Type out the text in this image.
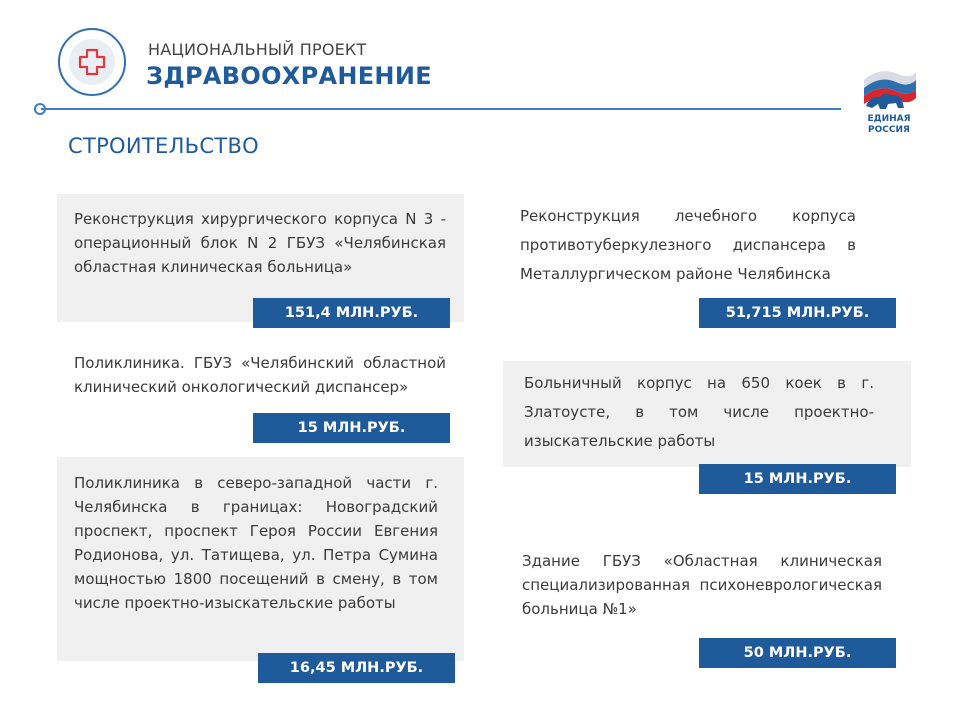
НАЦИОНАЛЬНЫЙ ПРОЕКТ
ЗДРАВООХРАНЕНИЕ
ЕДИНАЯ
РОССИЯ
СТРОИТЕЛЬСТВО
Реконструкция хирургического корпуса N 3 - операционный блок N 2 ГБУЗ «Челябинская областная клиническая больница»
151,4 МЛН.РУБ.
Поликлиника. ГБУЗ «Челябинский областной клинический онкологический диспансер»
15 МЛН.РУБ.
Поликлиника в северо-западной части г. Челябинска в границах: Новоградский проспект, проспект Героя России Евгения Родионова, ул. Татищева, ул. Петра Сумина мощностью 1800 посещений в смену, в том числе проектно-изыскательские работы
16,45 МЛН.РУБ.
Реконструкция лечебного корпуса противотуберкулезного диспансера в Металлургическом районе Челябинска
51,715 МЛН.РУБ.
Больничный корпус на 650 коек в г. Златоусте, в том числе проектно-изыскательские работы
15 МЛН.РУБ.
Здание ГБУЗ «Областная клиническая специализированная психоневрологическая больница №1»
50 МЛН.РУБ.
